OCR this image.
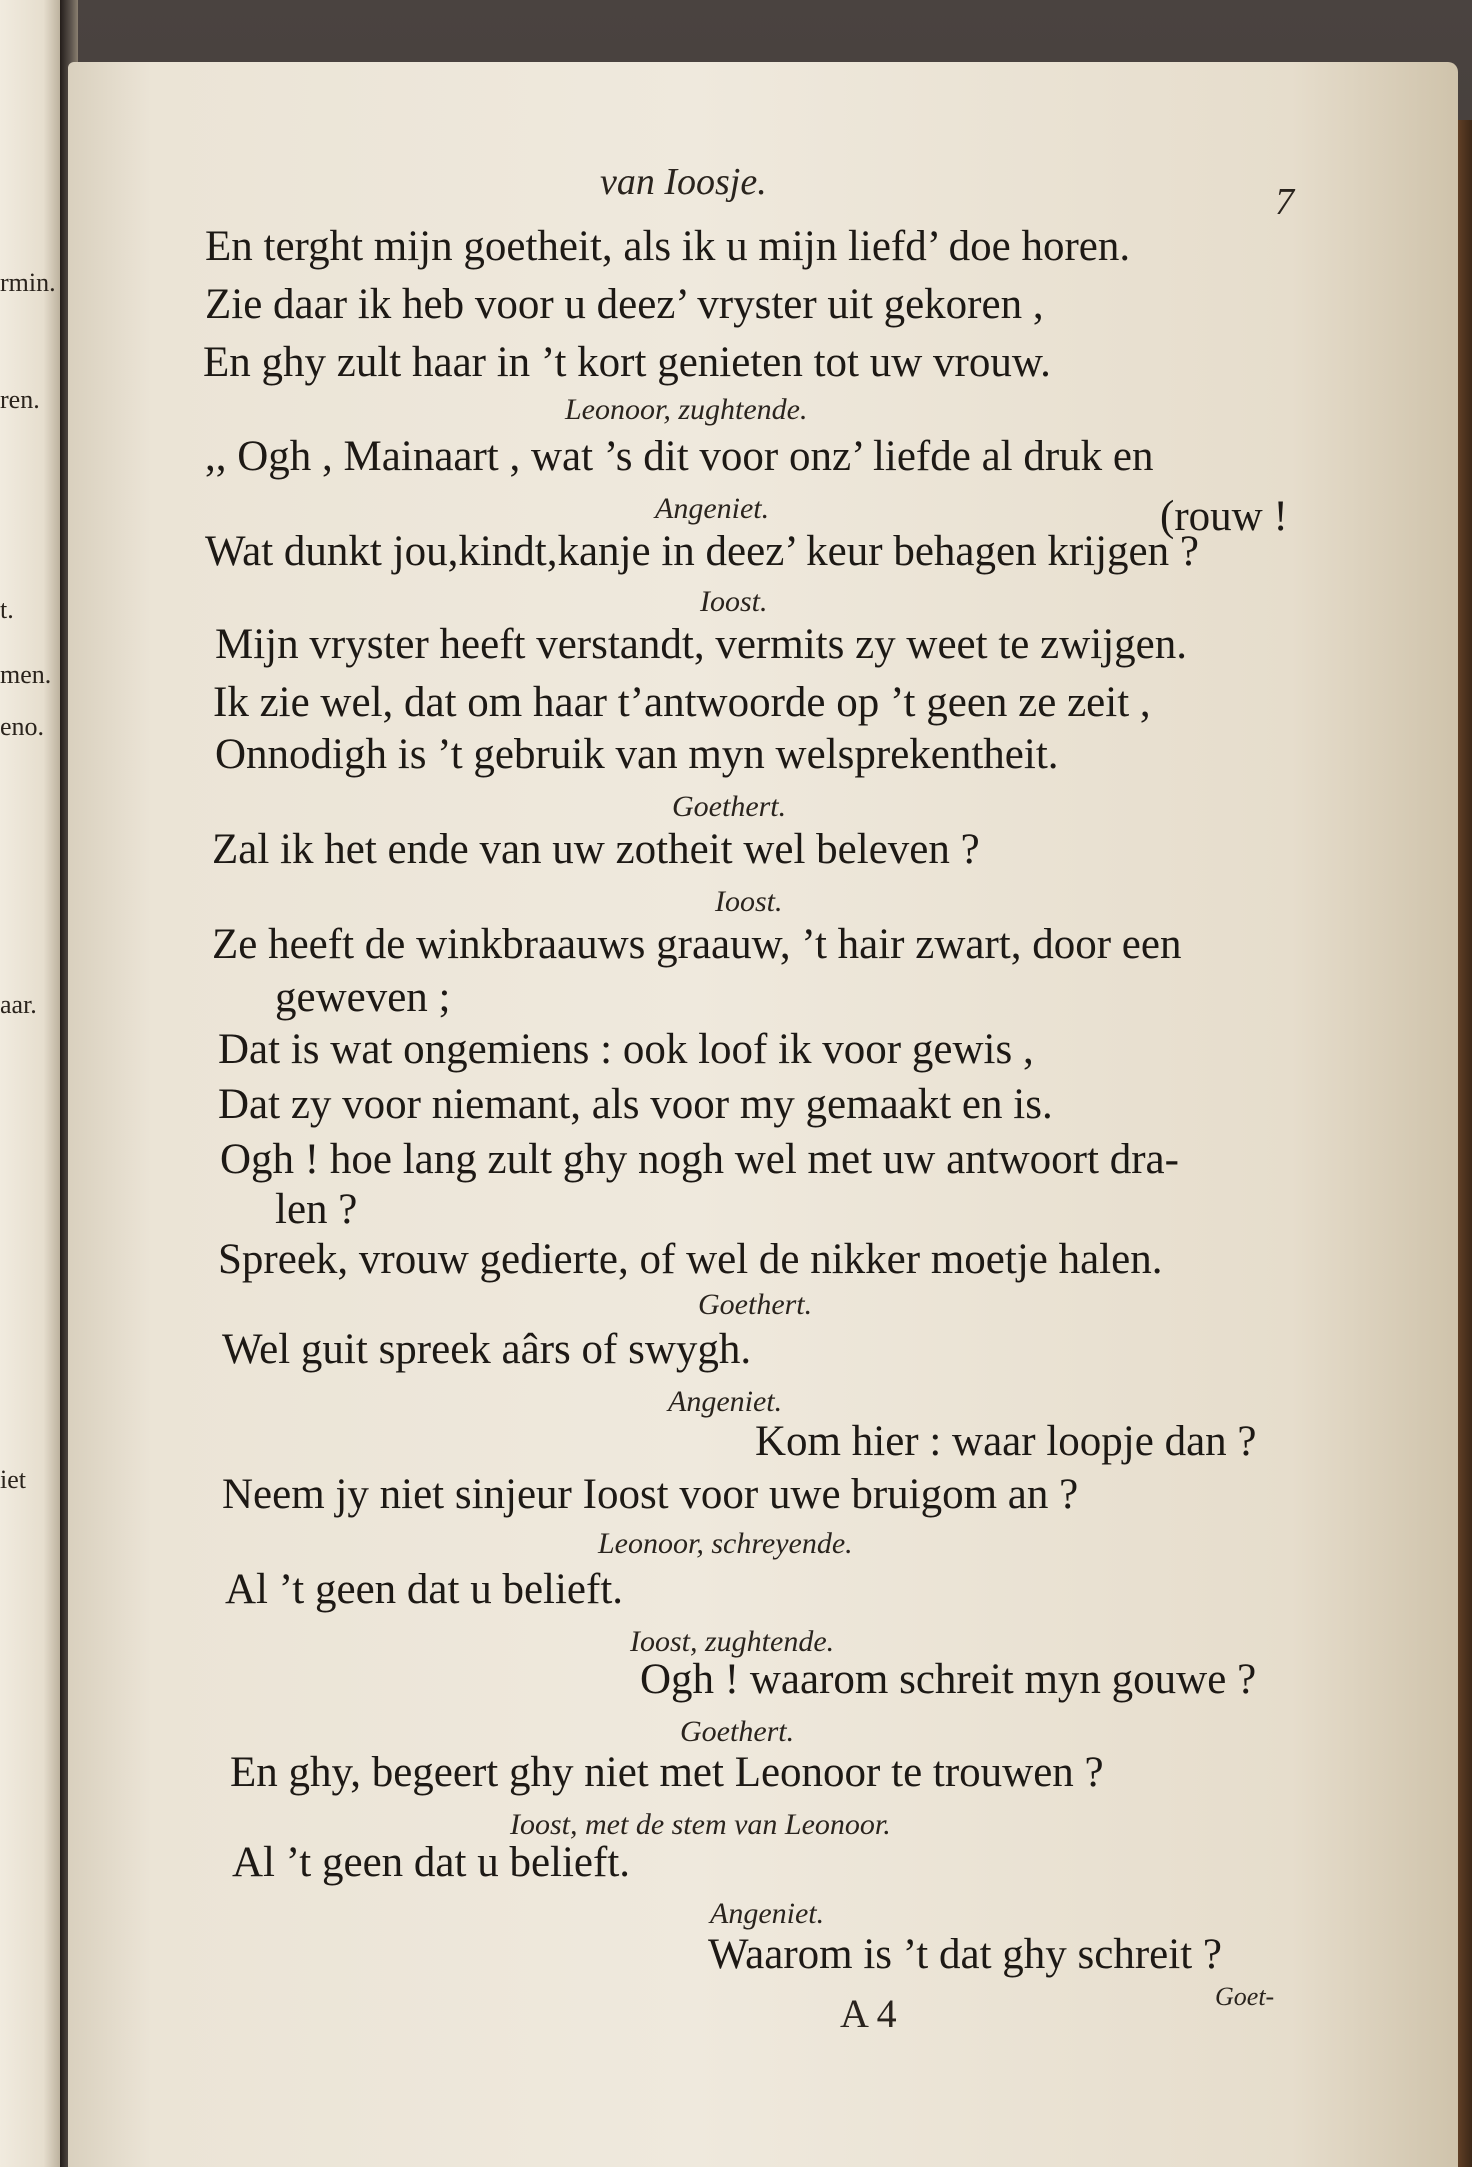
rmin.
ren.
t.
men.
eno.
aar.
iet
van Ioosje.	7
En terght mijn goetheit, als ik u mijn liefd’ doe horen.
Zie daar ik heb voor u deez’ vryster uit gekoren ,
En ghy zult haar in ’t kort genieten tot uw vrouw.
Leonoor, zughtende.
,, Ogh , Mainaart , wat ’s dit voor onz’ liefde al druk en
Angeniet.	(rouw !
Wat dunkt jou,kindt,kanje in deez’ keur behagen krijgen ?
Ioost.
Mijn vryster heeft verstandt, vermits zy weet te zwijgen.
Ik zie wel, dat om haar t’antwoorde op ’t geen ze zeit ,
Onnodigh is ’t gebruik van myn welsprekentheit.
Goethert.
Zal ik het ende van uw zotheit wel beleven ?
Ioost.
Ze heeft de winkbraauws graauw, ’t hair zwart, door een
geweven ;
Dat is wat ongemiens : ook loof ik voor gewis ,
Dat zy voor niemant, als voor my gemaakt en is.
Ogh ! hoe lang zult ghy nogh wel met uw antwoort dra-
len ?
Spreek, vrouw gedierte, of wel de nikker moetje halen.
Goethert.
Wel guit spreek aârs of swygh.
Angeniet.
Kom hier : waar loopje dan ?
Neem jy niet sinjeur Ioost voor uwe bruigom an ?
Leonoor, schreyende.
Al ’t geen dat u belieft.
Ioost, zughtende.
Ogh ! waarom schreit myn gouwe ?
Goethert.
En ghy, begeert ghy niet met Leonoor te trouwen ?
Ioost, met de stem van Leonoor.
Al ’t geen dat u belieft.
Angeniet.
Waarom is ’t dat ghy schreit ?
A 4	Goet-
